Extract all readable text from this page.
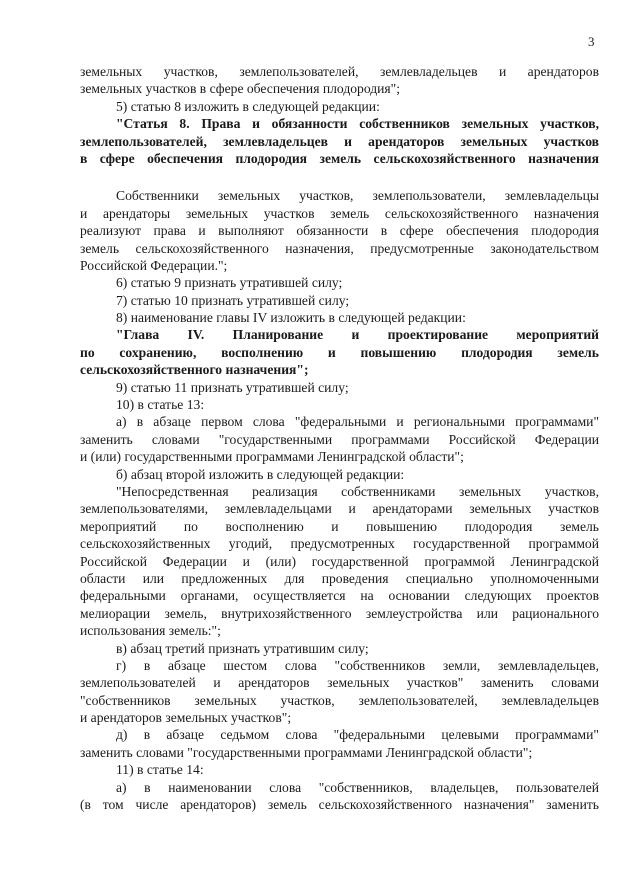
3
земельных участков, землепользователей, землевладельцев и арендаторов
земельных участков в сфере обеспечения плодородия";
5) статью 8 изложить в следующей редакции:
"Статья 8. Права и обязанности собственников земельных участков,
землепользователей, землевладельцев и арендаторов земельных участков
в сфере обеспечения плодородия земель сельскохозяйственного назначения
Собственники земельных участков, землепользователи, землевладельцы
и арендаторы земельных участков земель сельскохозяйственного назначения
реализуют права и выполняют обязанности в сфере обеспечения плодородия
земель сельскохозяйственного назначения, предусмотренные законодательством
Российской Федерации.";
6) статью 9 признать утратившей силу;
7) статью 10 признать утратившей силу;
8) наименование главы IV изложить в следующей редакции:
"Глава IV. Планирование и проектирование мероприятий
по сохранению, восполнению и повышению плодородия земель
сельскохозяйственного назначения";
9) статью 11 признать утратившей силу;
10) в статье 13:
а) в абзаце первом слова "федеральными и региональными программами"
заменить словами "государственными программами Российской Федерации
и (или) государственными программами Ленинградской области";
б) абзац второй изложить в следующей редакции:
"Непосредственная реализация собственниками земельных участков,
землепользователями, землевладельцами и арендаторами земельных участков
мероприятий по восполнению и повышению плодородия земель
сельскохозяйственных угодий, предусмотренных государственной программой
Российской Федерации и (или) государственной программой Ленинградской
области или предложенных для проведения специально уполномоченными
федеральными органами, осуществляется на основании следующих проектов
мелиорации земель, внутрихозяйственного землеустройства или рационального
использования земель:";
в) абзац третий признать утратившим силу;
г) в абзаце шестом слова "собственников земли, землевладельцев,
землепользователей и арендаторов земельных участков" заменить словами
"собственников земельных участков, землепользователей, землевладельцев
и арендаторов земельных участков";
д) в абзаце седьмом слова "федеральными целевыми программами"
заменить словами "государственными программами Ленинградской области";
11) в статье 14:
а) в наименовании слова "собственников, владельцев, пользователей
(в том числе арендаторов) земель сельскохозяйственного назначения" заменить
